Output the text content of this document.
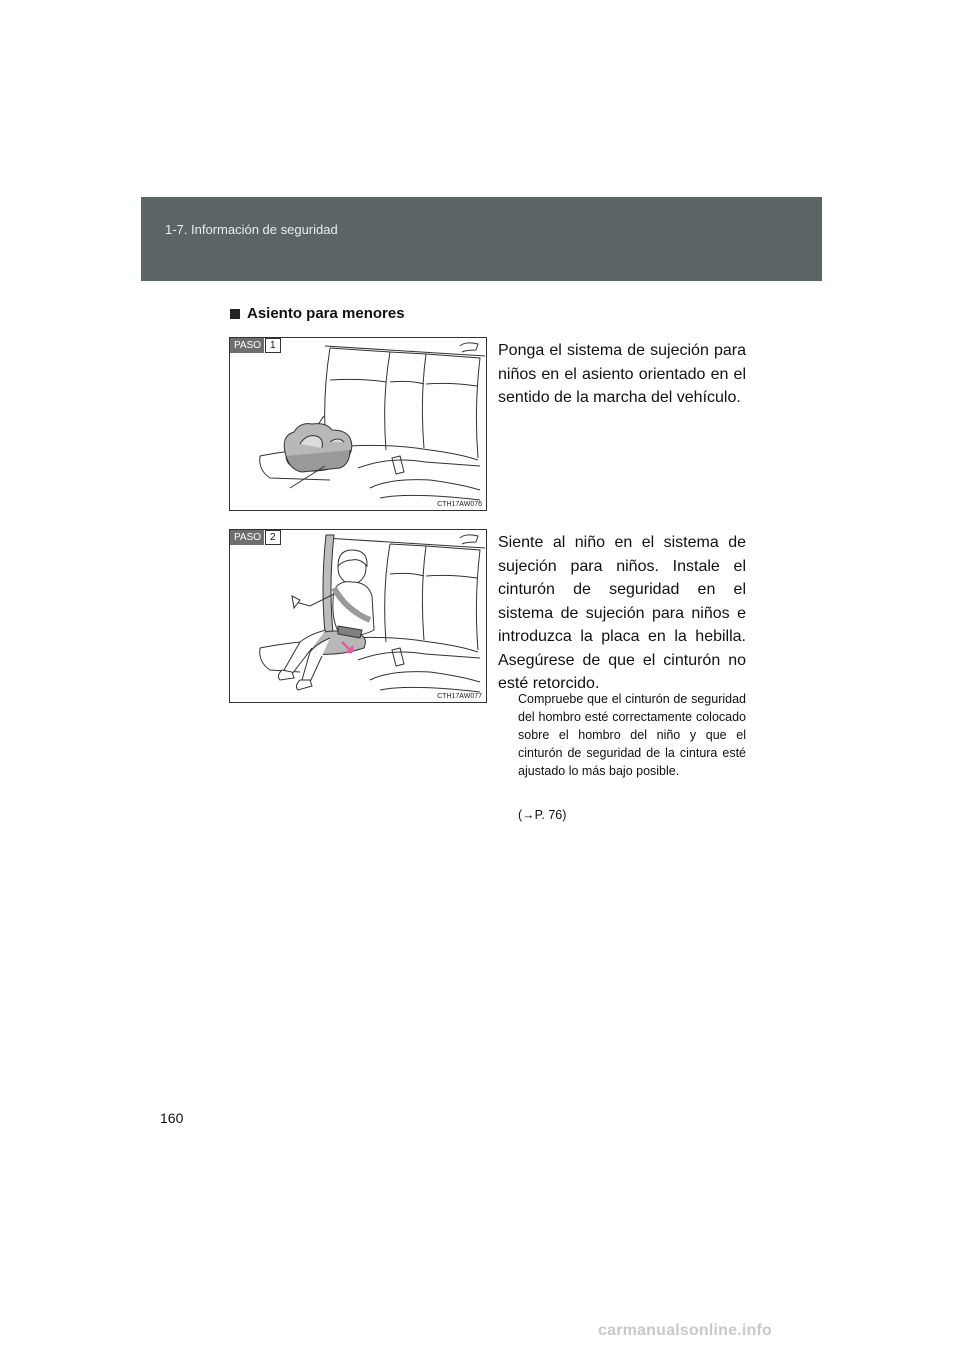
1-7. Información de seguridad
Asiento para menores
PASO 1
CTH17AW076

Ponga el sistema de sujeción para niños en el asiento orientado en el sentido de la marcha del vehículo.

PASO 2
CTH17AW077

Siente al niño en el sistema de sujeción para niños. Instale el cinturón de seguridad en el sistema de sujeción para niños e introduzca la placa en la hebilla. Asegúrese de que el cinturón no esté retorcido.

Compruebe que el cinturón de seguridad del hombro esté correctamente colocado sobre el hombro del niño y que el cinturón de seguridad de la cintura esté ajustado lo más bajo posible.

(→P. 76)
160
carmanualsonline.info
